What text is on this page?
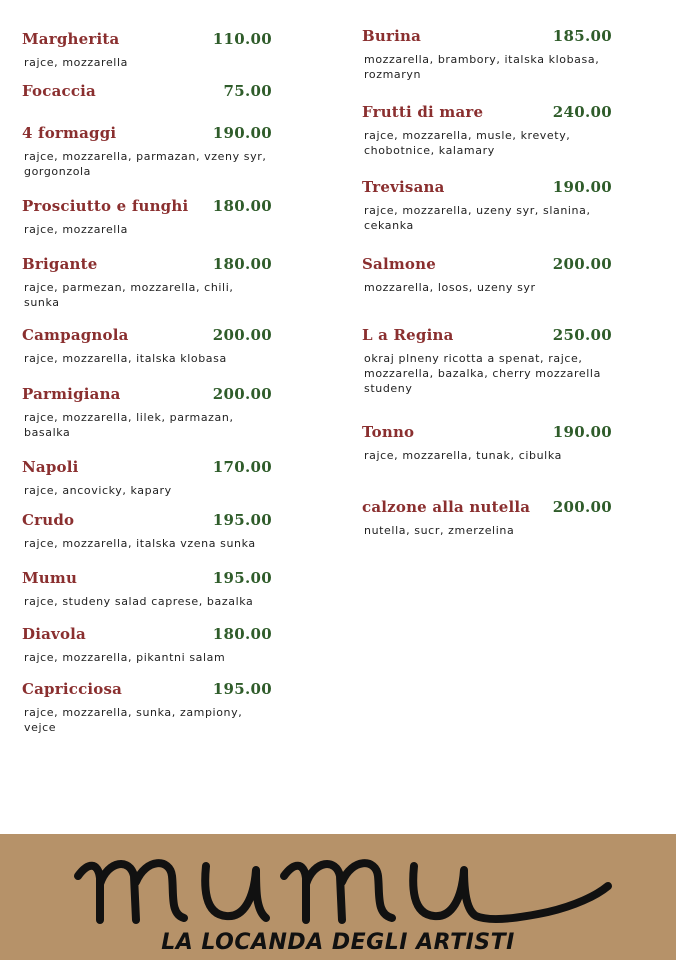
Margherita	110.00
rajce, mozzarella
Focaccia	75.00
4 formaggi	190.00
rajce, mozzarella, parmazan, vzeny syr, gorgonzola
Prosciutto e funghi 180.00
rajce, mozzarella
Brigante	180.00
rajce, parmezan, mozzarella, chili, sunka
Campagnola	200.00
rajce, mozzarella, italska klobasa
Parmigiana	200.00
rajce, mozzarella, lilek, parmazan, basalka
Napoli	170.00
rajce, ancovicky, kapary
Crudo	195.00
rajce, mozzarella, italska vzena sunka
Mumu	195.00
rajce, studeny salad caprese, bazalka
Diavola	180.00
rajce, mozzarella, pikantni salam
Capricciosa	195.00
rajce, mozzarella, sunka, zampiony, vejce
Burina	185.00
mozzarella, brambory, italska klobasa, rozmaryn
Frutti di mare	240.00
rajce, mozzarella, musle, krevety, chobotnice, kalamary
Trevisana	190.00
rajce, mozzarella, uzeny syr, slanina, cekanka
Salmone	200.00
mozzarella, losos, uzeny syr
L a Regina	250.00
okraj plneny ricotta a spenat, rajce, mozzarella, bazalka, cherry mozzarella studeny
Tonno	190.00
rajce, mozzarella, tunak, cibulka
calzone alla nutella 200.00
nutella, sucr, zmerzelina
LA LOCANDA DEGLI ARTISTI
